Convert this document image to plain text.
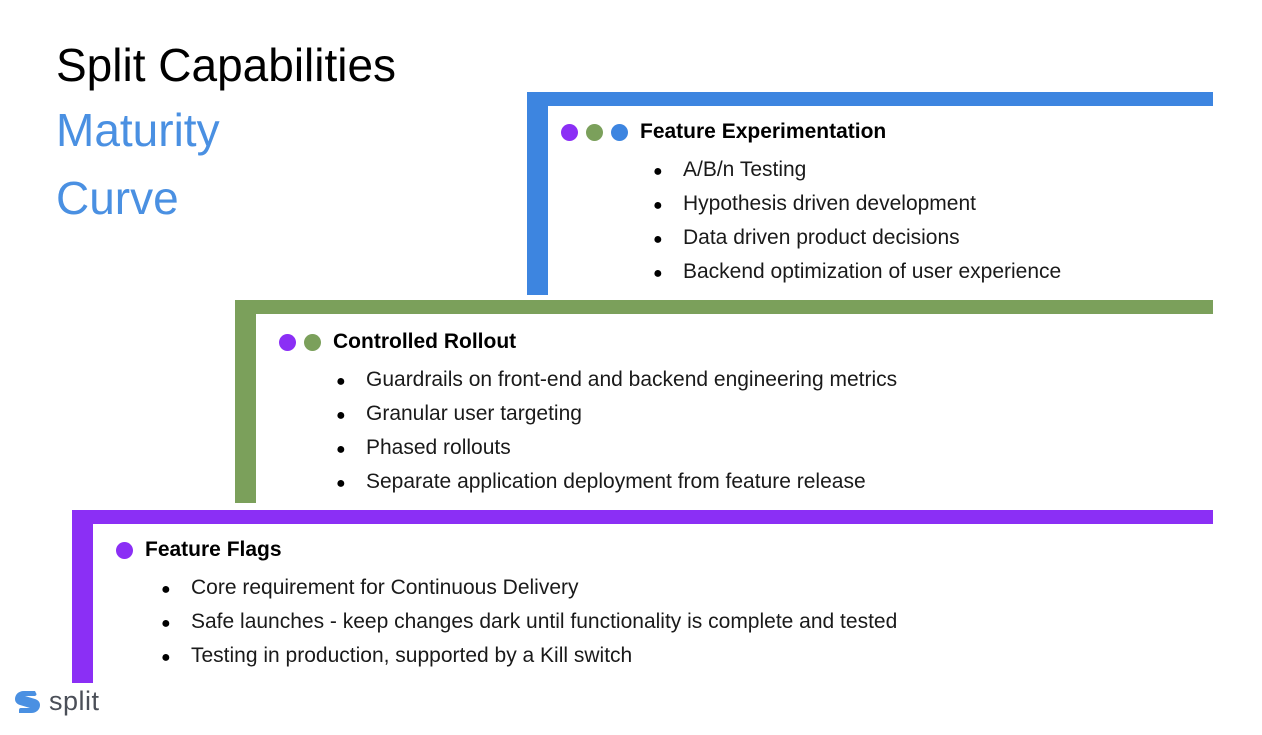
Split Capabilities
Maturity
Curve
Feature Experimentation
● A/B/n Testing
● Hypothesis driven development
● Data driven product decisions
● Backend optimization of user experience
Controlled Rollout
● Guardrails on front-end and backend engineering metrics
● Granular user targeting
● Phased rollouts
● Separate application deployment from feature release
Feature Flags
● Core requirement for Continuous Delivery
● Safe launches - keep changes dark until functionality is complete and tested
● Testing in production, supported by a Kill switch
split
